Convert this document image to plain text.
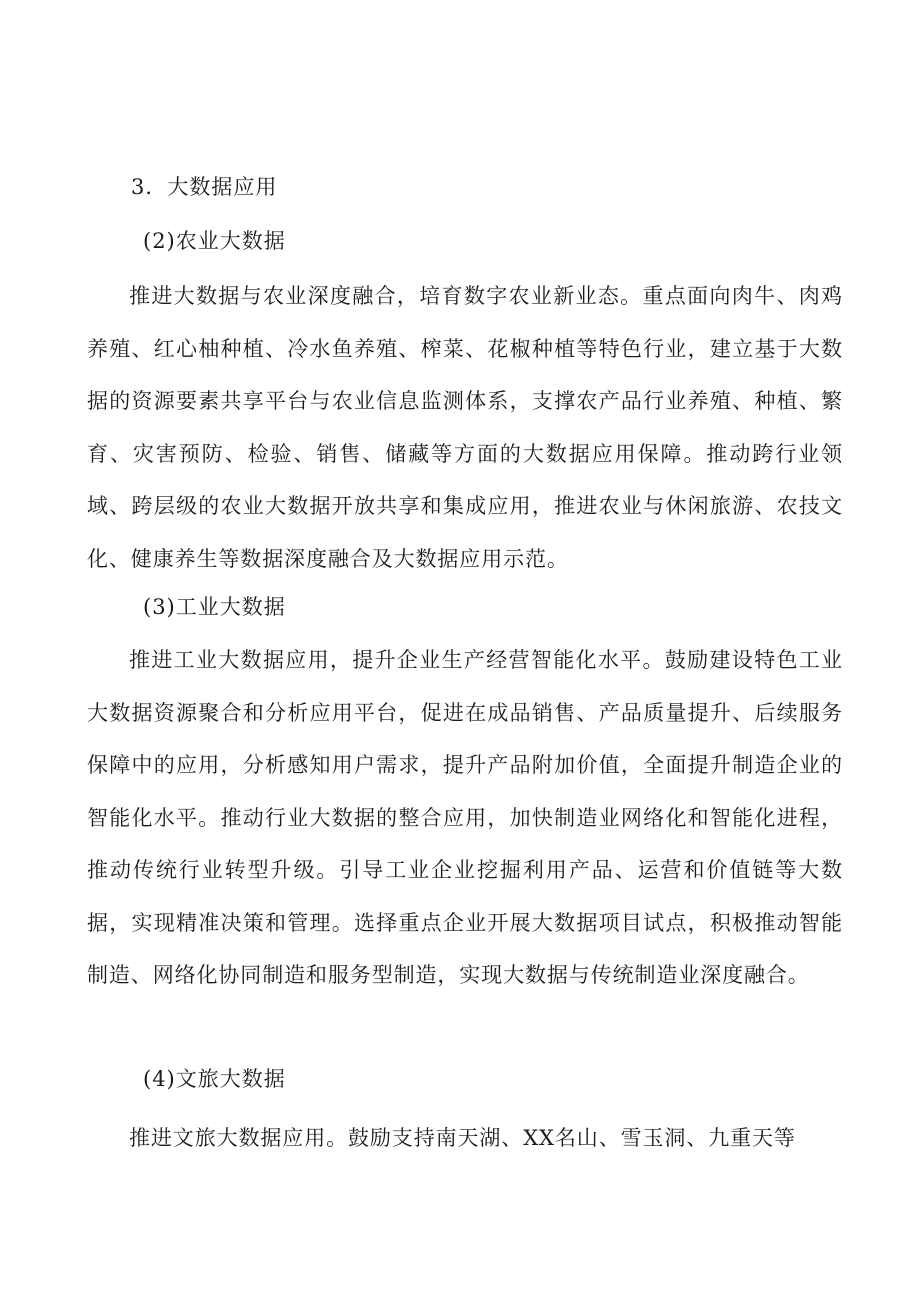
3．大数据应用
(2)农业大数据

推进大数据与农业深度融合，培育数字农业新业态。重点面向肉牛、肉鸡养殖、红心柚种植、冷水鱼养殖、榨菜、花椒种植等特色行业，建立基于大数据的资源要素共享平台与农业信息监测体系，支撑农产品行业养殖、种植、繁育、灾害预防、检验、销售、储藏等方面的大数据应用保障。推动跨行业领域、跨层级的农业大数据开放共享和集成应用，推进农业与休闲旅游、农技文化、健康养生等数据深度融合及大数据应用示范。

(3)工业大数据

推进工业大数据应用，提升企业生产经营智能化水平。鼓励建设特色工业大数据资源聚合和分析应用平台，促进在成品销售、产品质量提升、后续服务保障中的应用，分析感知用户需求，提升产品附加价值，全面提升制造企业的智能化水平。推动行业大数据的整合应用，加快制造业网络化和智能化进程，推动传统行业转型升级。引导工业企业挖掘利用产品、运营和价值链等大数据，实现精准决策和管理。选择重点企业开展大数据项目试点，积极推动智能制造、网络化协同制造和服务型制造，实现大数据与传统制造业深度融合。

(4)文旅大数据

推进文旅大数据应用。鼓励支持南天湖、XX名山、雪玉洞、九重天等
